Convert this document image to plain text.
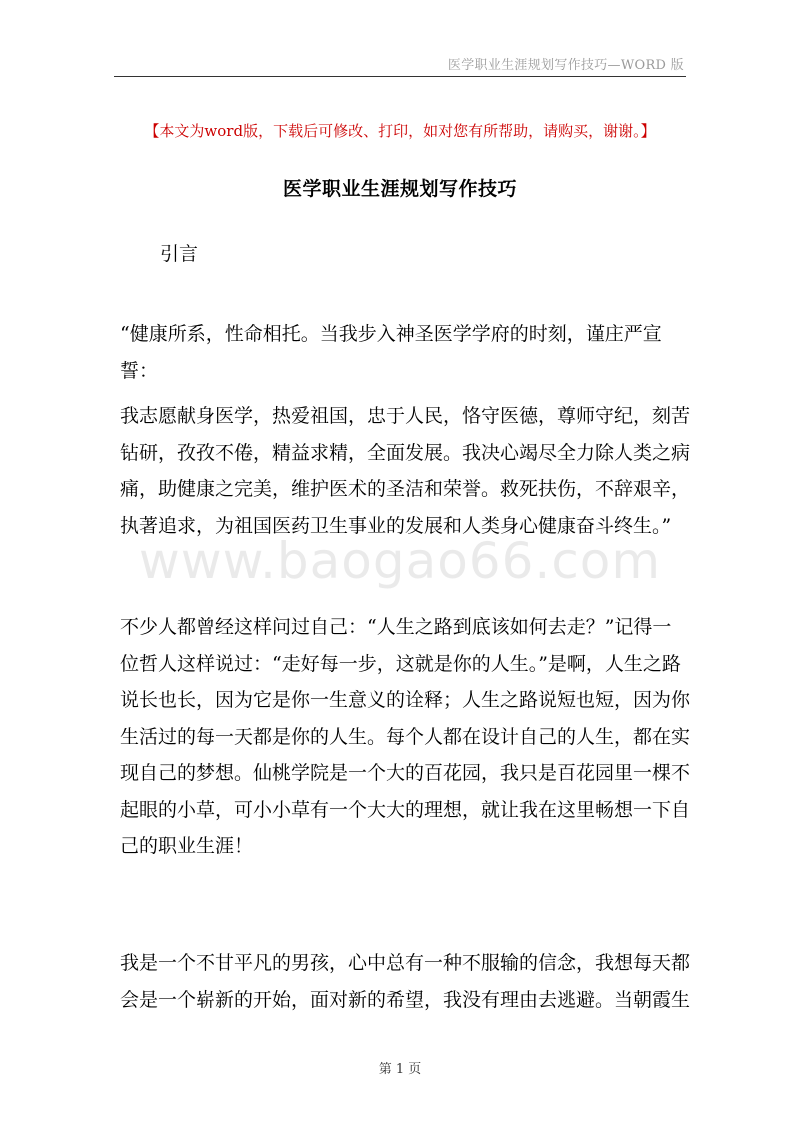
医学职业生涯规划写作技巧—WORD 版
【本文为word版，下载后可修改、打印，如对您有所帮助，请购买，谢谢。】
医学职业生涯规划写作技巧
引言

“健康所系，性命相托。当我步入神圣医学学府的时刻，谨庄严宣誓：

我志愿献身医学，热爱祖国，忠于人民，恪守医德，尊师守纪，刻苦钻研，孜孜不倦，精益求精，全面发展。我决心竭尽全力除人类之病痛，助健康之完美，维护医术的圣洁和荣誉。救死扶伤，不辞艰辛，执著追求，为祖国医药卫生事业的发展和人类身心健康奋斗终生。”

不少人都曾经这样问过自己：“人生之路到底该如何去走？”记得一位哲人这样说过：“走好每一步，这就是你的人生。”是啊，人生之路说长也长，因为它是你一生意义的诠释；人生之路说短也短，因为你生活过的每一天都是你的人生。每个人都在设计自己的人生，都在实现自己的梦想。仙桃学院是一个大的百花园，我只是百花园里一棵不起眼的小草，可小小草有一个大大的理想，就让我在这里畅想一下自己的职业生涯！

我是一个不甘平凡的男孩，心中总有一种不服输的信念，我想每天都会是一个崭新的开始，面对新的希望，我没有理由去逃避。当朝霞生

www.baogao66.com
第 1 页
